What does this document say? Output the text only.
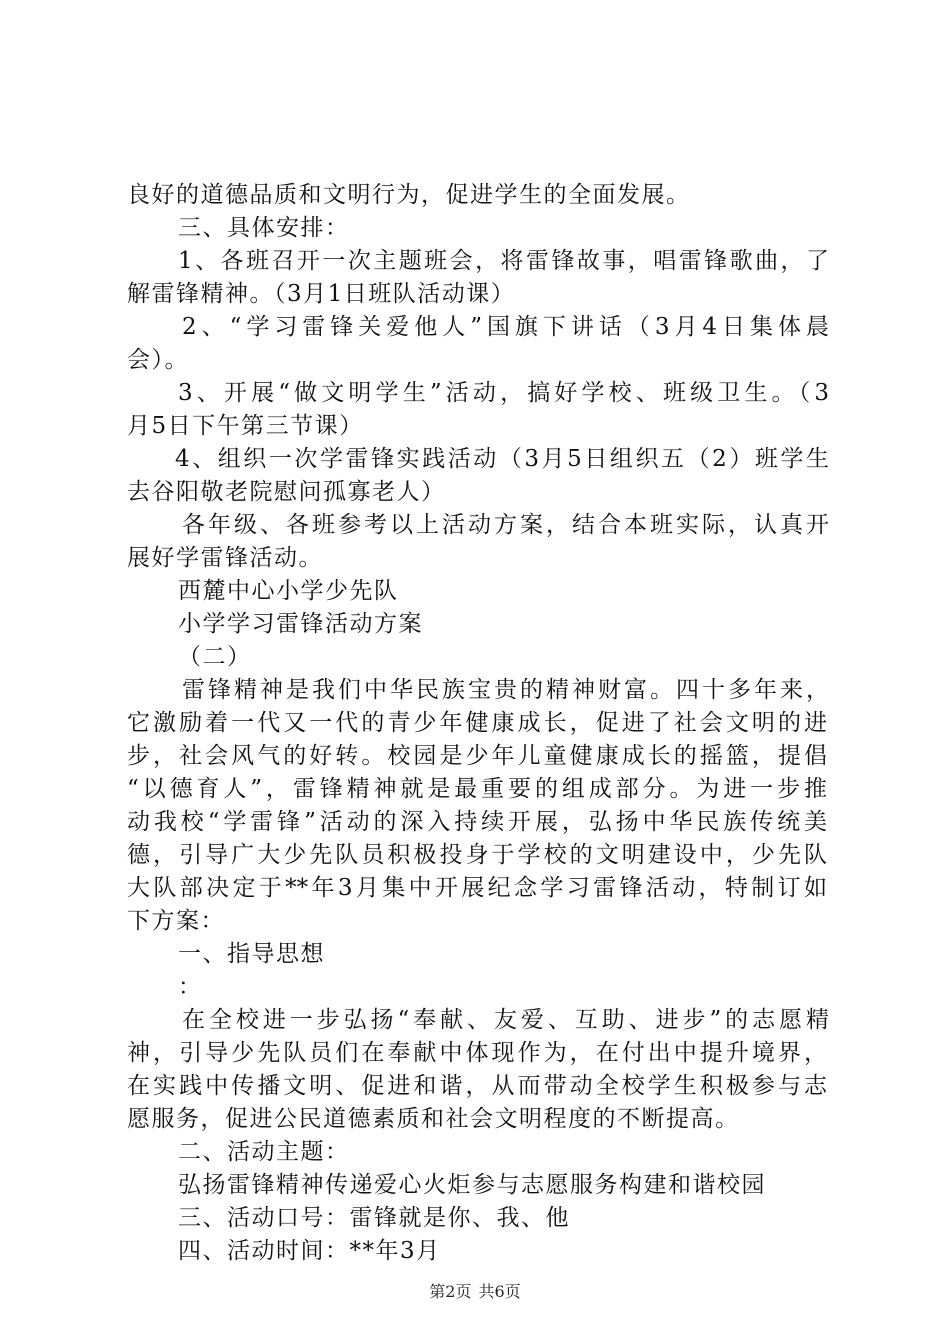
良好的道德品质和文明行为，促进学生的全面发展。
三、具体安排：
1、各班召开一次主题班会，将雷锋故事，唱雷锋歌曲，了
解雷锋精神。（3月1日班队活动课）
2、“学习雷锋关爱他人”国旗下讲话（3月4日集体晨
会）。
3、开展“做文明学生”活动，搞好学校、班级卫生。（3
月5日下午第三节课）
4、组织一次学雷锋实践活动（3月5日组织五（2）班学生
去谷阳敬老院慰问孤寡老人）
各年级、各班参考以上活动方案，结合本班实际，认真开
展好学雷锋活动。
西麓中心小学少先队
小学学习雷锋活动方案
（二）
雷锋精神是我们中华民族宝贵的精神财富。四十多年来，
它激励着一代又一代的青少年健康成长，促进了社会文明的进
步，社会风气的好转。校园是少年儿童健康成长的摇篮，提倡
“以德育人”，雷锋精神就是最重要的组成部分。为进一步推
动我校“学雷锋”活动的深入持续开展，弘扬中华民族传统美
德，引导广大少先队员积极投身于学校的文明建设中，少先队
大队部决定于**年3月集中开展纪念学习雷锋活动，特制订如
下方案：
一、指导思想
：
在全校进一步弘扬“奉献、友爱、互助、进步”的志愿精
神，引导少先队员们在奉献中体现作为，在付出中提升境界，
在实践中传播文明、促进和谐，从而带动全校学生积极参与志
愿服务，促进公民道德素质和社会文明程度的不断提高。
二、活动主题：
弘扬雷锋精神传递爱心火炬参与志愿服务构建和谐校园
三、活动口号：雷锋就是你、我、他
四、活动时间：**年3月
第2页 共6页
